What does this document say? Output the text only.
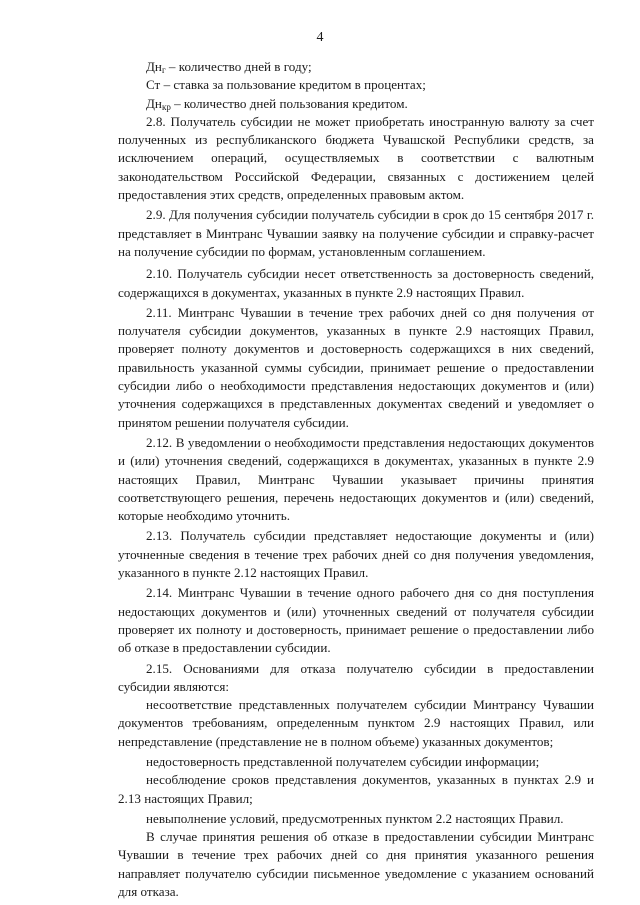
4

$Дн_г$ – количество дней в году;

Ст – ставка за пользование кредитом в процентах;

$Дн_{кр}$ – количество дней пользования кредитом.

2.8. Получатель субсидии не может приобретать иностранную валюту за счет полученных из республиканского бюджета Чувашской Республики средств, за исключением операций, осуществляемых в соответствии с валютным законодательством Российской Федерации, связанных с достижением целей предоставления этих средств, определенных правовым актом.

2.9. Для получения субсидии получатель субсидии в срок до 15 сентября 2017 г. представляет в Минтранс Чувашии заявку на получение субсидии и справку-расчет на получение субсидии по формам, установленным соглашением.

2.10. Получатель субсидии несет ответственность за достоверность сведений, содержащихся в документах, указанных в пункте 2.9 настоящих Правил.

2.11. Минтранс Чувашии в течение трех рабочих дней со дня получения от получателя субсидии документов, указанных в пункте 2.9 настоящих Правил, проверяет полноту документов и достоверность содержащихся в них сведений, правильность указанной суммы субсидии, принимает решение о предоставлении субсидии либо о необходимости представления недостающих документов и (или) уточнения содержащихся в представленных документах сведений и уведомляет о принятом решении получателя субсидии.

2.12. В уведомлении о необходимости представления недостающих документов и (или) уточнения сведений, содержащихся в документах, указанных в пункте 2.9 настоящих Правил, Минтранс Чувашии указывает причины принятия соответствующего решения, перечень недостающих документов и (или) сведений, которые необходимо уточнить.

2.13. Получатель субсидии представляет недостающие документы и (или) уточненные сведения в течение трех рабочих дней со дня получения уведомления, указанного в пункте 2.12 настоящих Правил.

2.14. Минтранс Чувашии в течение одного рабочего дня со дня поступления недостающих документов и (или) уточненных сведений от получателя субсидии проверяет их полноту и достоверность, принимает решение о предоставлении либо об отказе в предоставлении субсидии.

2.15. Основаниями для отказа получателю субсидии в предоставлении субсидии являются:

несоответствие представленных получателем субсидии Минтрансу Чувашии документов требованиям, определенным пунктом 2.9 настоящих Правил, или непредставление (представление не в полном объеме) указанных документов;

недостоверность представленной получателем субсидии информации;

несоблюдение сроков представления документов, указанных в пунктах 2.9 и 2.13 настоящих Правил;

невыполнение условий, предусмотренных пунктом 2.2 настоящих Правил.

В случае принятия решения об отказе в предоставлении субсидии Минтранс Чувашии в течение трех рабочих дней со дня принятия указанного решения направляет получателю субсидии письменное уведомление с указанием оснований для отказа.
